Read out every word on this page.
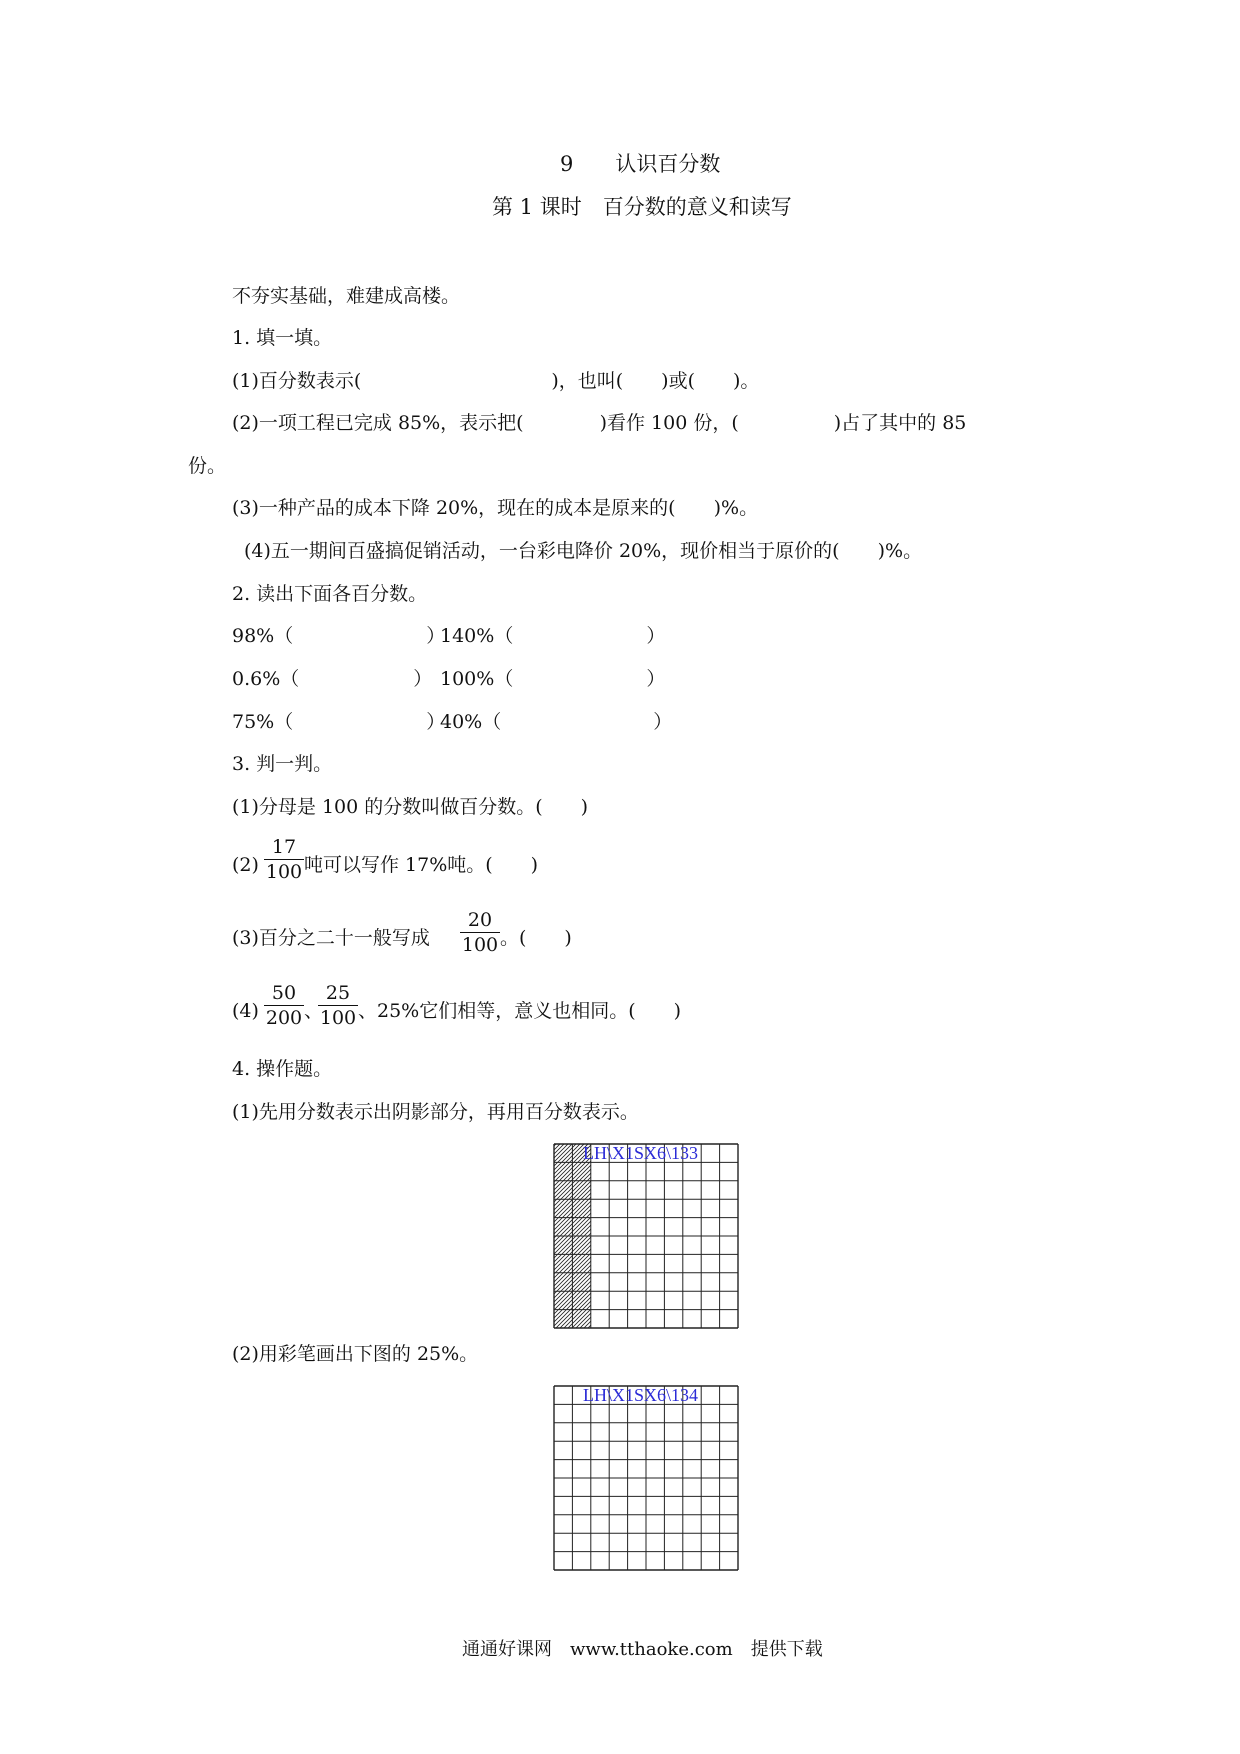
9　　认识百分数
第 1 课时　百分数的意义和读写
不夯实基础，难建成高楼。
1. 填一填。
(1)百分数表示(　　　　　　　　　　)，也叫(　　)或(　　)。
(2)一项工程已完成 85%，表示把(　　　　)看作 100 份，(　　　　　)占了其中的 85
份。
(3)一种产品的成本下降 20%，现在的成本是原来的(　　)%。
(4)五一期间百盛搞促销活动，一台彩电降价 20%，现价相当于原价的(　　)%。
2. 读出下面各百分数。
98%（　　　　　　　）
140%（　　　　　　　）
0.6%（　　　　　　） 100%（　　　　　　　）
75%（　　　　　　　）
40%（　　　　　　　　）
3. 判一判。
(1)分母是 100 的分数叫做百分数。(　　)
(2)
17
100 吨可以写作 17%吨。(　　)
(3)百分之二十一般写成
20
100 。(　　)
(4)
50
200 、
25
100 、25%它们相等，意义也相同。(　　)
4. 操作题。
(1)先用分数表示出阴影部分，再用百分数表示。
LH\X1SX6\133
(2)用彩笔画出下图的 25%。
LH\X1SX6\134
通通好课网　www.tthaoke.com　提供下载
